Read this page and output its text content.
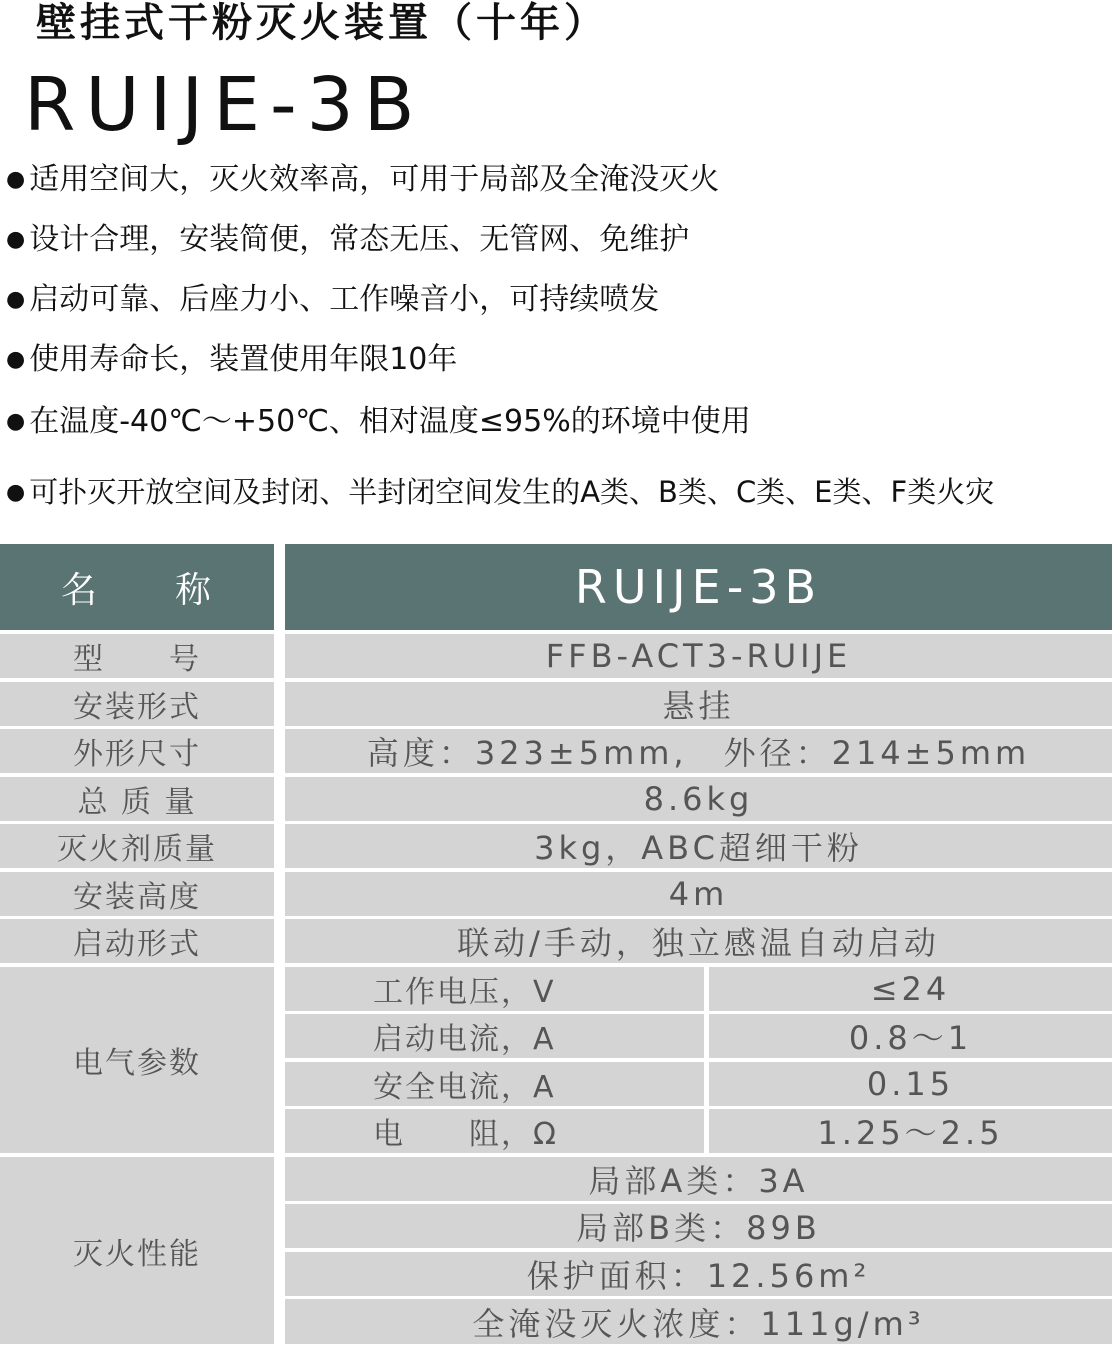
壁挂式干粉灭火装置（十年）
RUIJE-3B
● 适用空间大，灭火效率高，可用于局部及全淹没灭火
● 设计合理，安装简便，常态无压、无管网、免维护
● 启动可靠、后座力小、工作噪音小，可持续喷发
● 使用寿命长，装置使用年限10年
● 在温度-40℃～+50℃、相对温度≤95%的环境中使用
● 可扑灭开放空间及封闭、半封闭空间发生的A类、B类、C类、E类、F类火灾
名　　称	RUIJE-3B
型　　号	FFB-ACT3-RUIJE
安装形式	悬挂
外形尺寸	高度：323±5mm,　外径：214±5mm
总 质 量	8.6kg
灭火剂质量	3kg，ABC超细干粉
安装高度	4m
启动形式	联动/手动，独立感温自动启动
电气参数
工作电压，V	≤24
启动电流，A	0.8～1
安全电流，A	0.15
电　　阻，Ω	1.25～2.5
灭火性能
局部A类：3A
局部B类：89B
保护面积：12.56m²
全淹没灭火浓度：111g/m³
